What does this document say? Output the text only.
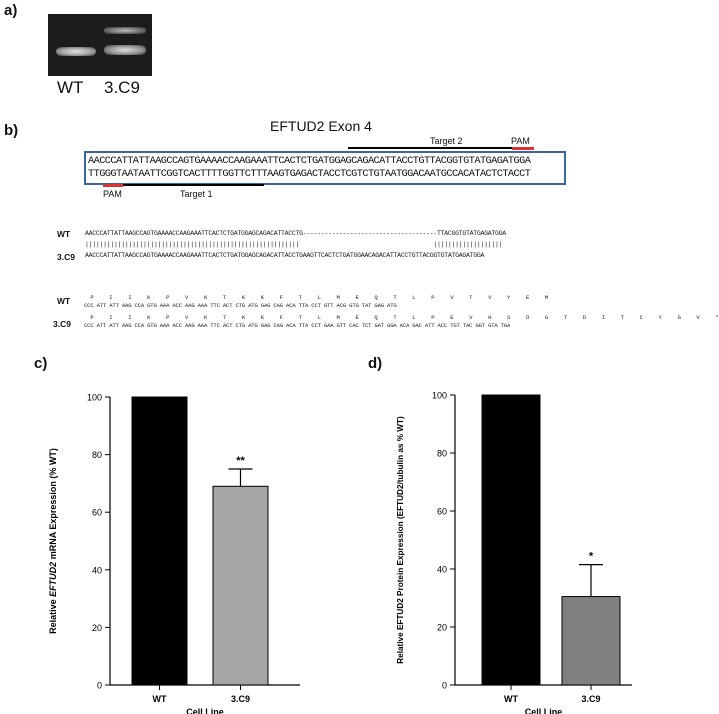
a)
b)
c)	d)
WT 3.C9
EFTUD2 Exon 4
Target 2	PAM
AACCCATTATTAAGCCAGTGAAAACCAAGAAATTCACTCTGATGGAGCAGACATTACCTGTTACGGTGTATGAGATGGA
TTGGGTAATAATTCGGTCACTTTTGGTTCTTTAAGTGAGACTACCTCGTCTGTAATGGACAATGCCACATACTCTACCT
PAM	Target 1
WT
3.C9
AACCCATTATTAAGCCAGTGAAAACCAAGAAATTCACTCTGATGGAGCAGACATTACCTG-------------------------------------TTACGGTGTATGAGATGGA
|||||||||||||||||||||||||||||||||||||||||||||||||||||||||||                                     |||||||||||||||||||
AACCCATTATTAAGCCAGTGAAAACCAAGAAATTCACTCTGATGGAGCAGACATTACCTGAAGTTCACTCTGATGGAACAGACATTACCTGTTACGGTGTATGAGATGGA
WT
3.C9
P     I     I     K     P     V     K     T     K     K     F     T     L     M     E     Q     T     L     P     V     T     V     Y     E     M
CCC ATT ATT AAG CCA GTG AAA ACC AAG AAA TTC ACT CTG ATG GAG CAG ACA TTA CCT GTT ACG GTG TAT GAG ATG
P     I     I     K     P     V     K     T     K     K     F     T     L     M     E     Q     T     L     P     E     V     H     S     D     G     T     D     I     T     C     Y     G     V     *
CCC ATT ATT AAG CCA GTG AAA ACC AAG AAA TTC ACT CTG ATG GAG CAG ACA TTA CCT GAA GTT CAC TCT GAT GGA ACA GAC ATT ACC TGT TAC GGT GTA TGA
0
20
40
60
80
100
WT
**
3.C9
Cell Line
Relative EFTUD2 mRNA Expression (% WT)
0
20
40
60
80
100
WT
*
3.C9
Cell Line
Relative EFTUD2 Protein Expression (EFTUD2/tubulin as % WT)
